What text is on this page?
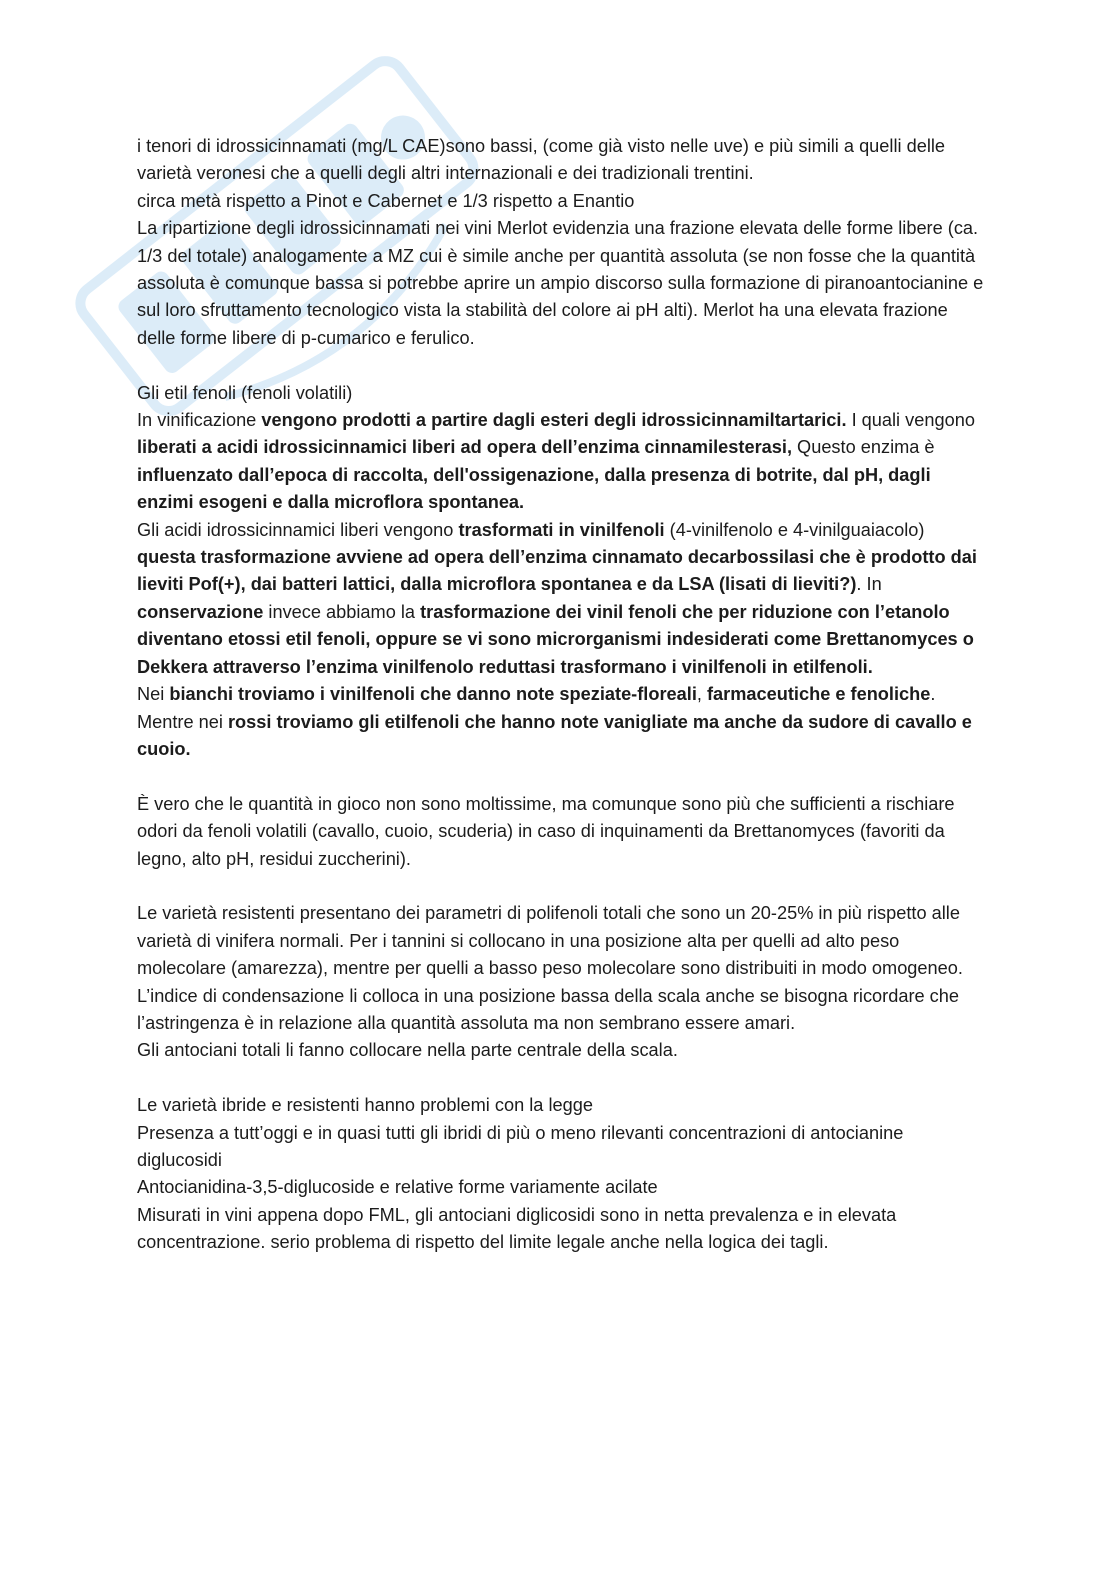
i tenori di idrossicinnamati (mg/L CAE)sono bassi, (come già visto nelle uve) e più simili a quelli delle varietà veronesi che a quelli degli altri internazionali e dei tradizionali trentini.

circa metà rispetto a Pinot e Cabernet e 1/3 rispetto a Enantio

La ripartizione degli idrossicinnamati nei vini Merlot evidenzia una frazione elevata delle forme libere (ca. 1/3 del totale) analogamente a MZ cui è simile anche per quantità assoluta (se non fosse che la quantità assoluta è comunque bassa si potrebbe aprire un ampio discorso sulla formazione di piranoantocianine e sul loro sfruttamento tecnologico vista la stabilità del colore ai pH alti). Merlot ha una elevata frazione delle forme libere di p-cumarico e ferulico.

Gli etil fenoli (fenoli volatili)

In vinificazione vengono prodotti a partire dagli esteri degli idrossicinnamiltartarici. I quali vengono liberati a acidi idrossicinnamici liberi ad opera dell’enzima cinnamilesterasi, Questo enzima è influenzato dall’epoca di raccolta, dell'ossigenazione, dalla presenza di botrite, dal pH, dagli enzimi esogeni e dalla microflora spontanea.

Gli acidi idrossicinnamici liberi vengono trasformati in vinilfenoli (4-vinilfenolo e 4-vinilguaiacolo) questa trasformazione avviene ad opera dell’enzima cinnamato decarbossilasi che è prodotto dai lieviti Pof(+), dai batteri lattici, dalla microflora spontanea e da LSA (lisati di lieviti?). In conservazione invece abbiamo la trasformazione dei vinil fenoli che per riduzione con l’etanolo diventano etossi etil fenoli, oppure se vi sono microrganismi indesiderati come Brettanomyces o Dekkera attraverso l’enzima vinilfenolo reduttasi trasformano i vinilfenoli in etilfenoli.

Nei bianchi troviamo i vinilfenoli che danno note speziate-floreali, farmaceutiche e fenoliche. Mentre nei rossi troviamo gli etilfenoli che hanno note vanigliate ma anche da sudore di cavallo e cuoio.

È vero che le quantità in gioco non sono moltissime, ma comunque sono più che sufficienti a rischiare odori da fenoli volatili (cavallo, cuoio, scuderia) in caso di inquinamenti da Brettanomyces (favoriti da legno, alto pH, residui zuccherini).

Le varietà resistenti presentano dei parametri di polifenoli totali che sono un 20-25% in più rispetto alle varietà di vinifera normali. Per i tannini si collocano in una posizione alta per quelli ad alto peso molecolare (amarezza), mentre per quelli a basso peso molecolare sono distribuiti in modo omogeneo.

L’indice di condensazione li colloca in una posizione bassa della scala anche se bisogna ricordare che l’astringenza è in relazione alla quantità assoluta ma non sembrano essere amari.

Gli antociani totali li fanno collocare nella parte centrale della scala.

Le varietà ibride e resistenti hanno problemi con la legge

Presenza a tutt’oggi e in quasi tutti gli ibridi di più o meno rilevanti concentrazioni di antocianine diglucosidi

Antocianidina-3,5-diglucoside e relative forme variamente acilate

Misurati in vini appena dopo FML, gli antociani diglicosidi sono in netta prevalenza e in elevata concentrazione. serio problema di rispetto del limite legale anche nella logica dei tagli.
